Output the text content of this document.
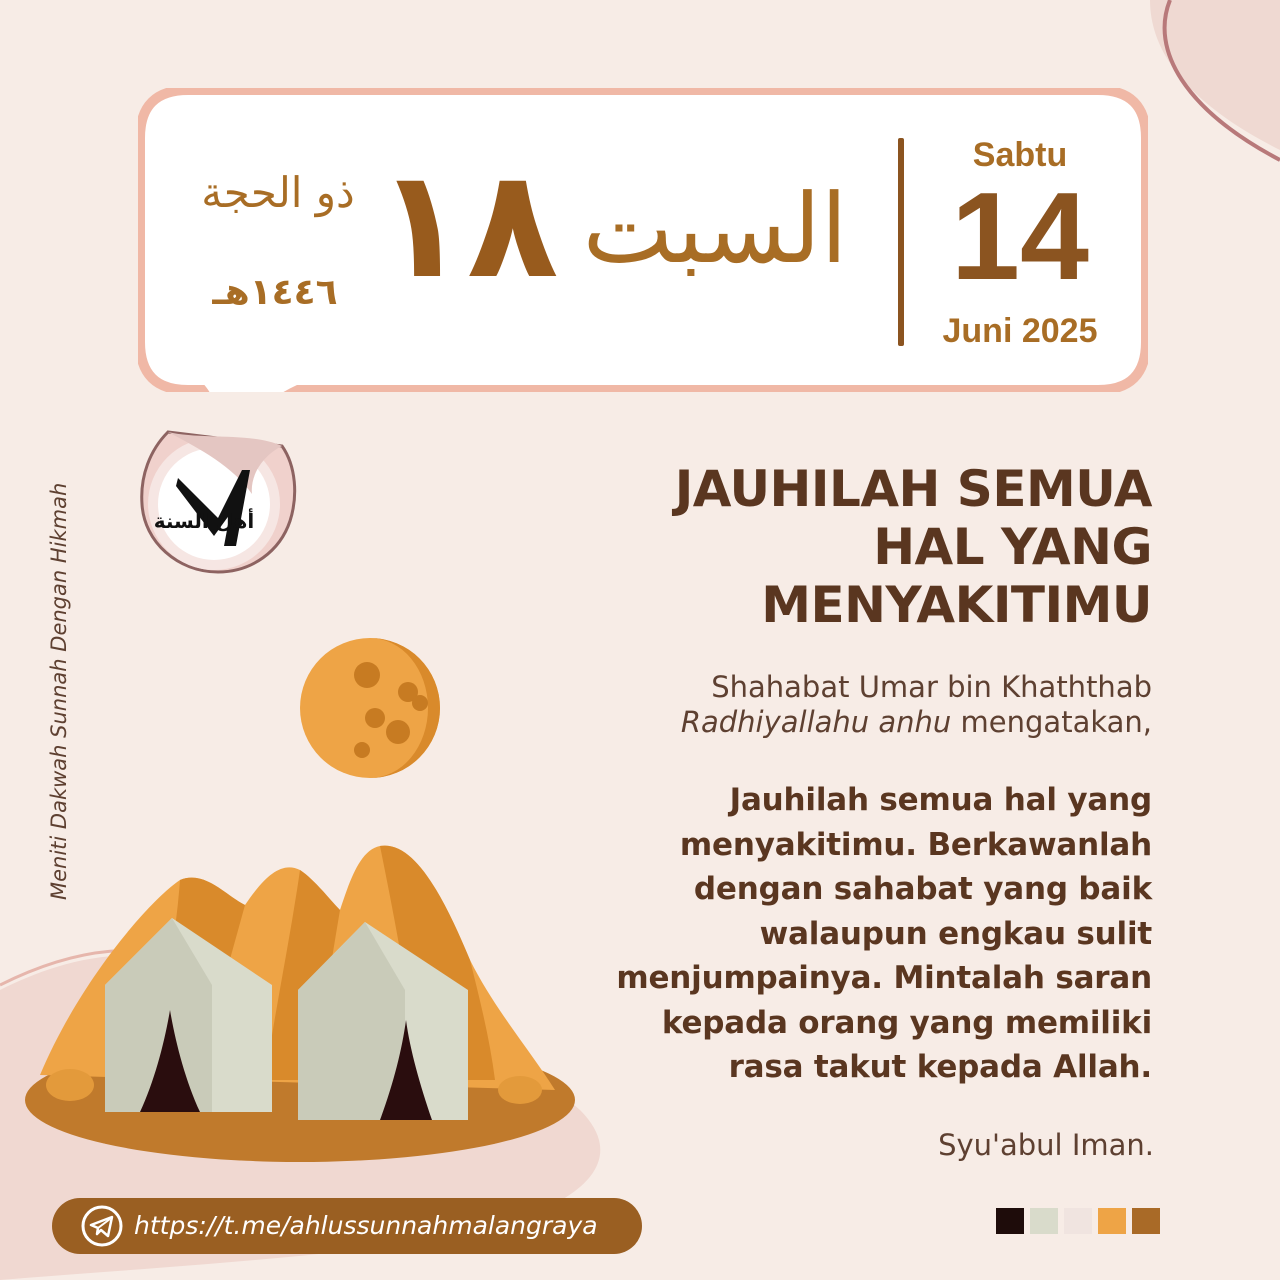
ذو الحجة
١٤٤٦هـ ١٨ السبت
Sabtu
14
Juni 2025
أهل السنة
Meniti Dakwah Sunnah Dengan Hikmah	JAUHILAH SEMUA
HAL YANG
MENYAKITIMU
Shahabat Umar bin Khaththab
Radhiyallahu anhu mengatakan,
Jauhilah semua hal yang
menyakitimu. Berkawanlah
dengan sahabat yang baik
walaupun engkau sulit
menjumpainya. Mintalah saran
kepada orang yang memiliki
rasa takut kepada Allah.
Syu'abul Iman.
https://t.me/ahlussunnahmalangraya
